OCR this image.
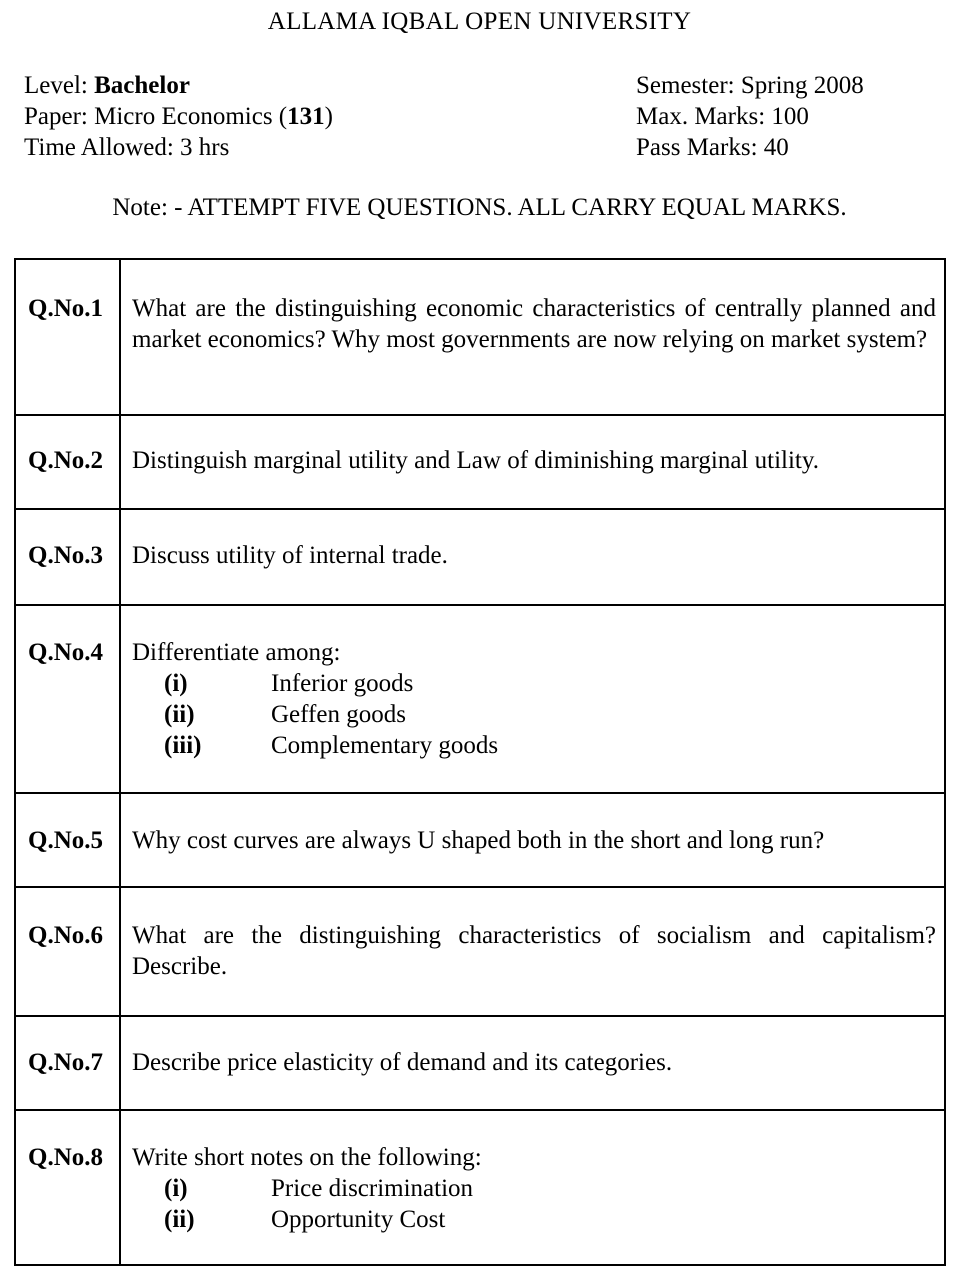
ALLAMA IQBAL OPEN UNIVERSITY
Level: Bachelor
Paper: Micro Economics (131)
Time Allowed: 3 hrs
Semester: Spring 2008
Max. Marks: 100
Pass Marks: 40
Note: - ATTEMPT FIVE QUESTIONS. ALL CARRY EQUAL MARKS.
Q.No.1	What are the distinguishing economic characteristics of centrally planned and market economics? Why most governments are now relying on market system?
Q.No.2	Distinguish marginal utility and Law of diminishing marginal utility.
Q.No.3	Discuss utility of internal trade.
Q.No.4	Differentiate among:
(i)	Inferior goods
(ii)	Geffen goods
(iii)	Complementary goods
Q.No.5	Why cost curves are always U shaped both in the short and long run?
Q.No.6	What are the distinguishing characteristics of socialism and capitalism? Describe.
Q.No.7	Describe price elasticity of demand and its categories.
Q.No.8	Write short notes on the following:
(i)	Price discrimination
(ii)	Opportunity Cost
